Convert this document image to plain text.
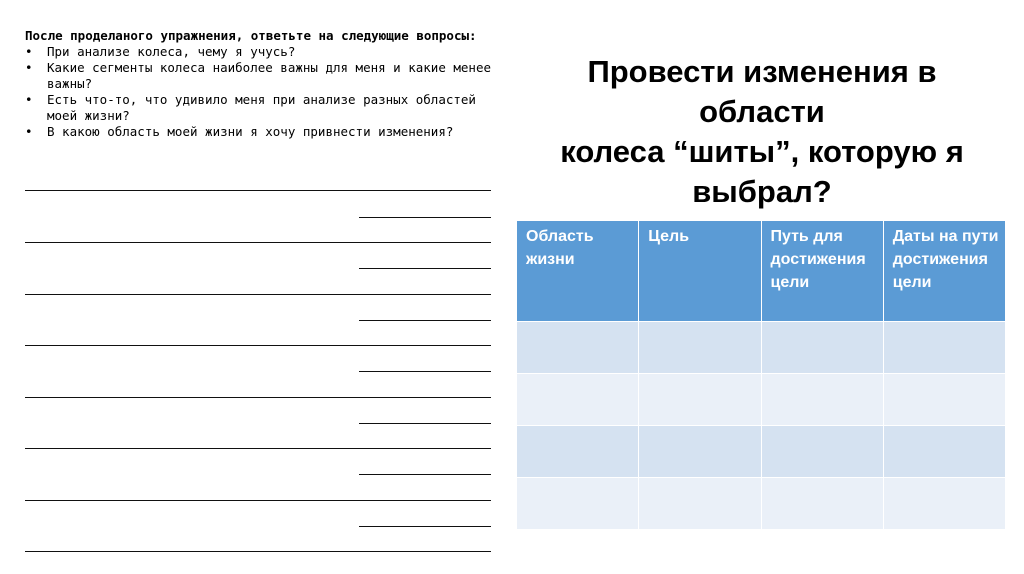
После проделаного упражнения, ответьте на следующие вопросы:

• При анализе колеса, чему я учусь?
• Какие сегменты колеса наиболее важны для меня и какие менее важны?
• Есть что-то, что удивило меня при анализе разных областей моей жизни?
• В какою область моей жизни я хочу привнести изменения?
Провести изменения в
области
колеса “шиты”, которую я
выбрал?
Область жизни	Цель	Путь для достижения цели	Даты на пути достижения цели
